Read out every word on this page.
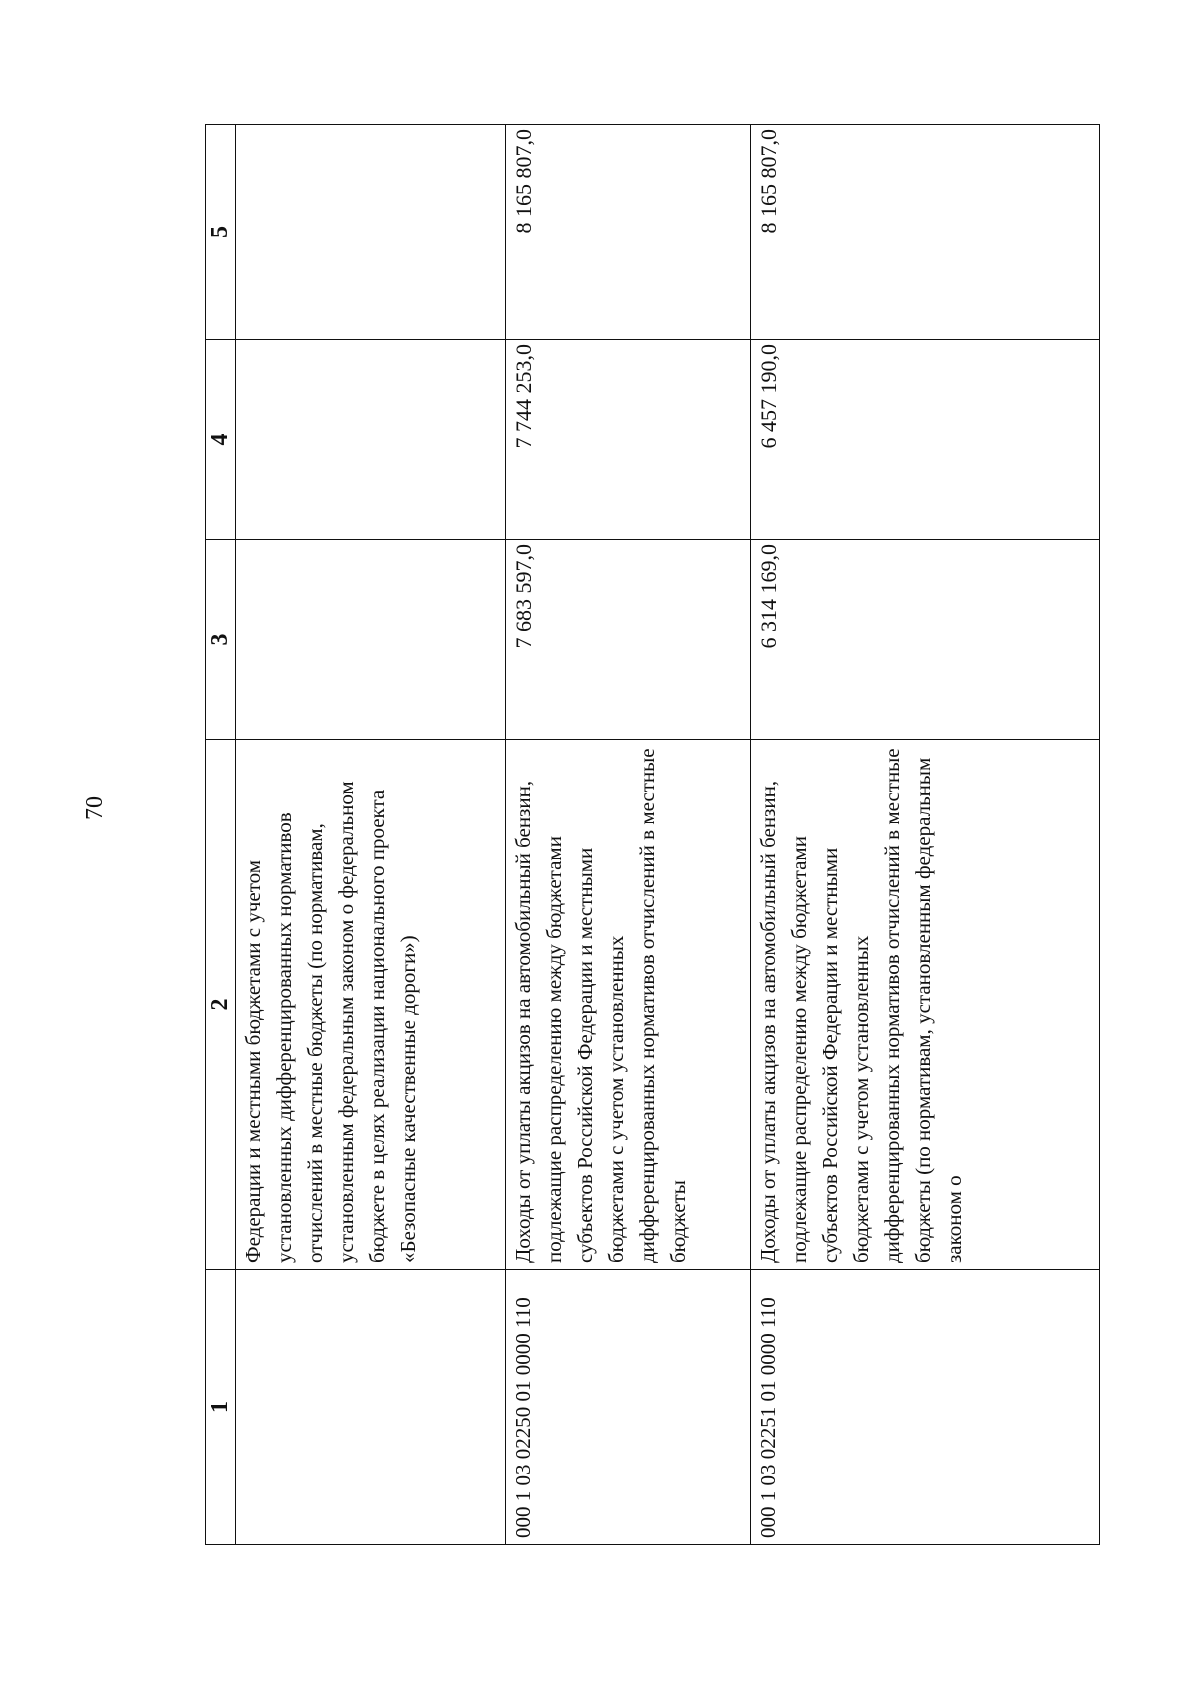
70
1	2	3	4	5
	Федерации и местными бюджетами с учетом установленных дифференцированных нормативов отчислений в местные бюджеты (по нормативам, установленным федеральным законом о федеральном бюджете в целях реализации национального проекта «Безопасные качественные дороги»)			
000 1 03 02250 01 0000 110	Доходы от уплаты акцизов на автомобильный бензин, подлежащие распределению между бюджетами субъектов Российской Федерации и местными бюджетами с учетом установленных дифференцированных нормативов отчислений в местные бюджеты	7 683 597,0	7 744 253,0	8 165 807,0
000 1 03 02251 01 0000 110	Доходы от уплаты акцизов на автомобильный бензин, подлежащие распределению между бюджетами субъектов Российской Федерации и местными бюджетами с учетом установленных дифференцированных нормативов отчислений в местные бюджеты (по нормативам, установленным федеральным законом о	6 314 169,0	6 457 190,0	8 165 807,0
